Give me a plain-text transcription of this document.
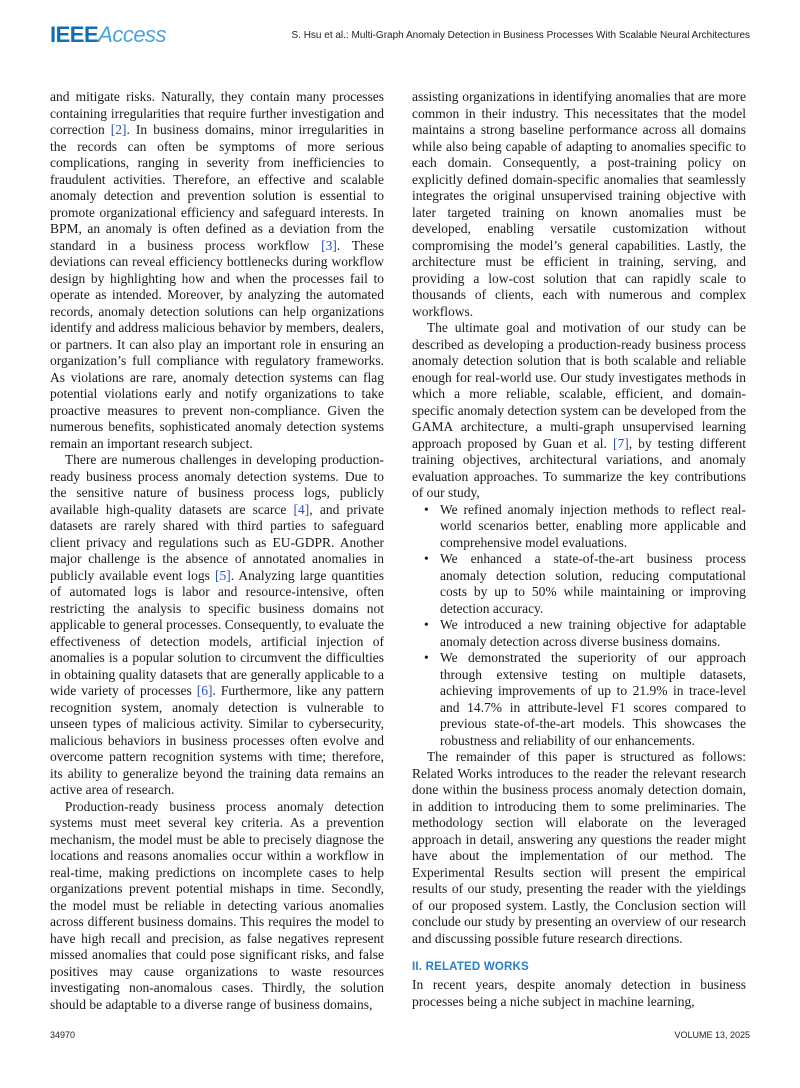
IEEEAccess	S. Hsu et al.: Multi-Graph Anomaly Detection in Business Processes With Scalable Neural Architectures

and mitigate risks. Naturally, they contain many processes containing irregularities that require further investigation and correction [2]. In business domains, minor irregularities in the records can often be symptoms of more serious complications, ranging in severity from inefficiencies to fraudulent activities. Therefore, an effective and scalable anomaly detection and prevention solution is essential to promote organizational efficiency and safeguard interests. In BPM, an anomaly is often defined as a deviation from the standard in a business process workflow [3]. These deviations can reveal efficiency bottlenecks during workflow design by highlighting how and when the processes fail to operate as intended. Moreover, by analyzing the automated records, anomaly detection solutions can help organizations identify and address malicious behavior by members, dealers, or partners. It can also play an important role in ensuring an organization’s full compliance with regulatory frameworks. As violations are rare, anomaly detection systems can flag potential violations early and notify organizations to take proactive measures to prevent non-compliance. Given the numerous benefits, sophisticated anomaly detection systems remain an important research subject.

There are numerous challenges in developing production-ready business process anomaly detection systems. Due to the sensitive nature of business process logs, publicly available high-quality datasets are scarce [4], and private datasets are rarely shared with third parties to safeguard client privacy and regulations such as EU-GDPR. Another major challenge is the absence of annotated anomalies in publicly available event logs [5]. Analyzing large quantities of automated logs is labor and resource-intensive, often restricting the analysis to specific business domains not applicable to general processes. Consequently, to evaluate the effectiveness of detection models, artificial injection of anomalies is a popular solution to circumvent the difficulties in obtaining quality datasets that are generally applicable to a wide variety of processes [6]. Furthermore, like any pattern recognition system, anomaly detection is vulnerable to unseen types of malicious activity. Similar to cybersecurity, malicious behaviors in business processes often evolve and overcome pattern recognition systems with time; therefore, its ability to generalize beyond the training data remains an active area of research.

Production-ready business process anomaly detection systems must meet several key criteria. As a prevention mechanism, the model must be able to precisely diagnose the locations and reasons anomalies occur within a workflow in real-time, making predictions on incomplete cases to help organizations prevent potential mishaps in time. Secondly, the model must be reliable in detecting various anomalies across different business domains. This requires the model to have high recall and precision, as false negatives represent missed anomalies that could pose significant risks, and false positives may cause organizations to waste resources investigating non-anomalous cases. Thirdly, the solution should be adaptable to a diverse range of business domains,

assisting organizations in identifying anomalies that are more common in their industry. This necessitates that the model maintains a strong baseline performance across all domains while also being capable of adapting to anomalies specific to each domain. Consequently, a post-training policy on explicitly defined domain-specific anomalies that seamlessly integrates the original unsupervised training objective with later targeted training on known anomalies must be developed, enabling versatile customization without compromising the model’s general capabilities. Lastly, the architecture must be efficient in training, serving, and providing a low-cost solution that can rapidly scale to thousands of clients, each with numerous and complex workflows.

The ultimate goal and motivation of our study can be described as developing a production-ready business process anomaly detection solution that is both scalable and reliable enough for real-world use. Our study investigates methods in which a more reliable, scalable, efficient, and domain-specific anomaly detection system can be developed from the GAMA architecture, a multi-graph unsupervised learning approach proposed by Guan et al. [7], by testing different training objectives, architectural variations, and anomaly evaluation approaches. To summarize the key contributions of our study,

• We refined anomaly injection methods to reflect real-world scenarios better, enabling more applicable and comprehensive model evaluations.
• We enhanced a state-of-the-art business process anomaly detection solution, reducing computational costs by up to 50% while maintaining or improving detection accuracy.
• We introduced a new training objective for adaptable anomaly detection across diverse business domains.
• We demonstrated the superiority of our approach through extensive testing on multiple datasets, achieving improvements of up to 21.9% in trace-level and 14.7% in attribute-level F1 scores compared to previous state-of-the-art models. This showcases the robustness and reliability of our enhancements.

The remainder of this paper is structured as follows: Related Works introduces to the reader the relevant research done within the business process anomaly detection domain, in addition to introducing them to some preliminaries. The methodology section will elaborate on the leveraged approach in detail, answering any questions the reader might have about the implementation of our method. The Experimental Results section will present the empirical results of our study, presenting the reader with the yieldings of our proposed system. Lastly, the Conclusion section will conclude our study by presenting an overview of our research and discussing possible future research directions.

II. RELATED WORKS

In recent years, despite anomaly detection in business processes being a niche subject in machine learning,

34970	VOLUME 13, 2025
